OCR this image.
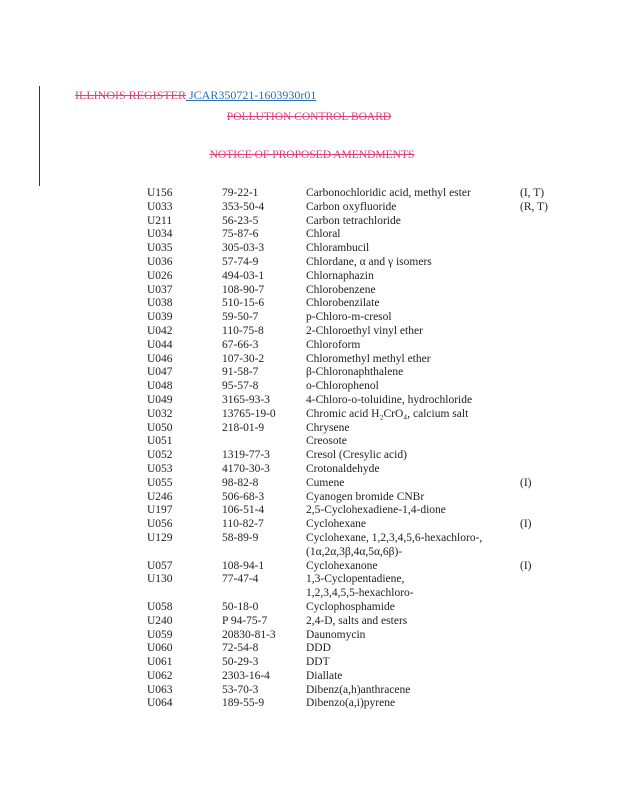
ILLINOIS REGISTER JCAR350721-1603930r01
POLLUTION CONTROL BOARD
NOTICE OF PROPOSED AMENDMENTS
U156	79-22-1	Carbonochloridic acid, methyl ester	(I, T)
U033	353-50-4	Carbon oxyfluoride	(R, T)
U211	56-23-5	Carbon tetrachloride	
U034	75-87-6	Chloral	
U035	305-03-3	Chlorambucil	
U036	57-74-9	Chlordane, α and γ isomers	
U026	494-03-1	Chlornaphazin	
U037	108-90-7	Chlorobenzene	
U038	510-15-6	Chlorobenzilate	
U039	59-50-7	p-Chloro-m-cresol	
U042	110-75-8	2-Chloroethyl vinyl ether	
U044	67-66-3	Chloroform	
U046	107-30-2	Chloromethyl methyl ether	
U047	91-58-7	β-Chloronaphthalene	
U048	95-57-8	o-Chlorophenol	
U049	3165-93-3	4-Chloro-o-toluidine, hydrochloride	
U032	13765-19-0	Chromic acid H₂CrO₄, calcium salt	
U050	218-01-9	Chrysene	
U051		Creosote	
U052	1319-77-3	Cresol (Cresylic acid)	
U053	4170-30-3	Crotonaldehyde	
U055	98-82-8	Cumene	(I)
U246	506-68-3	Cyanogen bromide CNBr	
U197	106-51-4	2,5-Cyclohexadiene-1,4-dione	
U056	110-82-7	Cyclohexane	(I)
U129	58-89-9	Cyclohexane, 1,2,3,4,5,6-hexachloro-,	
		(1α,2α,3β,4α,5α,6β)-	
U057	108-94-1	Cyclohexanone	(I)
U130	77-47-4	1,3-Cyclopentadiene,	
		1,2,3,4,5,5-hexachloro-	
U058	50-18-0	Cyclophosphamide	
U240	P 94-75-7	2,4-D, salts and esters	
U059	20830-81-3	Daunomycin	
U060	72-54-8	DDD	
U061	50-29-3	DDT	
U062	2303-16-4	Diallate	
U063	53-70-3	Dibenz(a,h)anthracene	
U064	189-55-9	Dibenzo(a,i)pyrene	
